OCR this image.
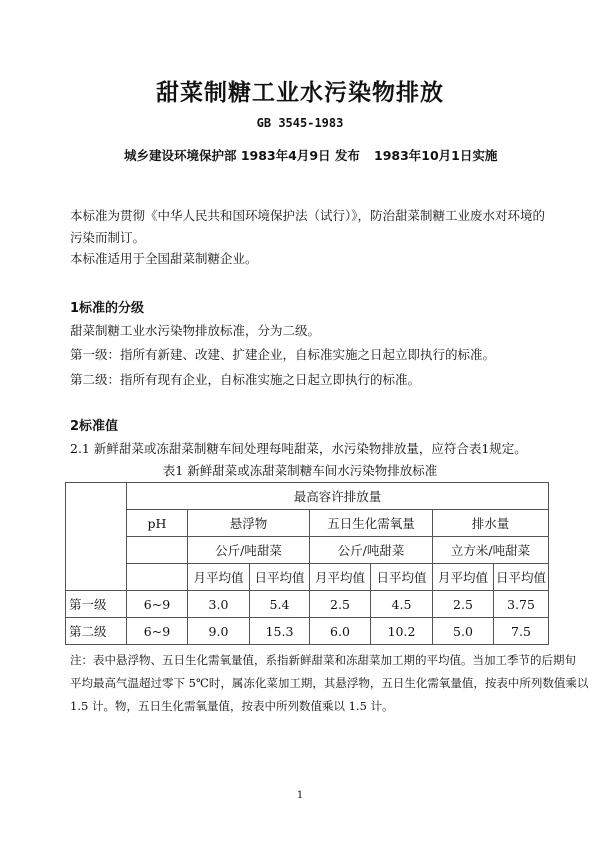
甜菜制糖工业水污染物排放
GB 3545-1983
城乡建设环境保护部 1983年4月9日 发布 1983年10月1日实施
本标准为贯彻《中华人民共和国环境保护法（试行）》，防治甜菜制糖工业废水对环境的
污染而制订。
本标准适用于全国甜菜制糖企业。
1标准的分级
甜菜制糖工业水污染物排放标准，分为二级。
第一级：指所有新建、改建、扩建企业，自标准实施之日起立即执行的标准。
第二级：指所有现有企业，自标准实施之日起立即执行的标准。
2标准值
2.1 新鲜甜菜或冻甜菜制糖车间处理每吨甜菜，水污染物排放量，应符合表1规定。
表1 新鲜甜菜或冻甜菜制糖车间水污染物排放标准
	最高容许排放量						
	pH	悬浮物		五日生化需氧量		排水量	
		公斤/吨甜菜		公斤/吨甜菜		立方米/吨甜菜	
		月平均值	日平均值	月平均值	日平均值	月平均值	日平均值
第一级	6~9	3.0	5.4	2.5	4.5	2.5	3.75
第二级	6~9	9.0	15.3	6.0	10.2	5.0	7.5
注：表中悬浮物、五日生化需氧量值，系指新鲜甜菜和冻甜菜加工期的平均值。当加工季节的后期旬
平均最高气温超过零下 5℃时，属冻化菜加工期，其悬浮物，五日生化需氧量值，按表中所列数值乘以
1.5 计。物，五日生化需氧量值，按表中所列数值乘以 1.5 计。
1
